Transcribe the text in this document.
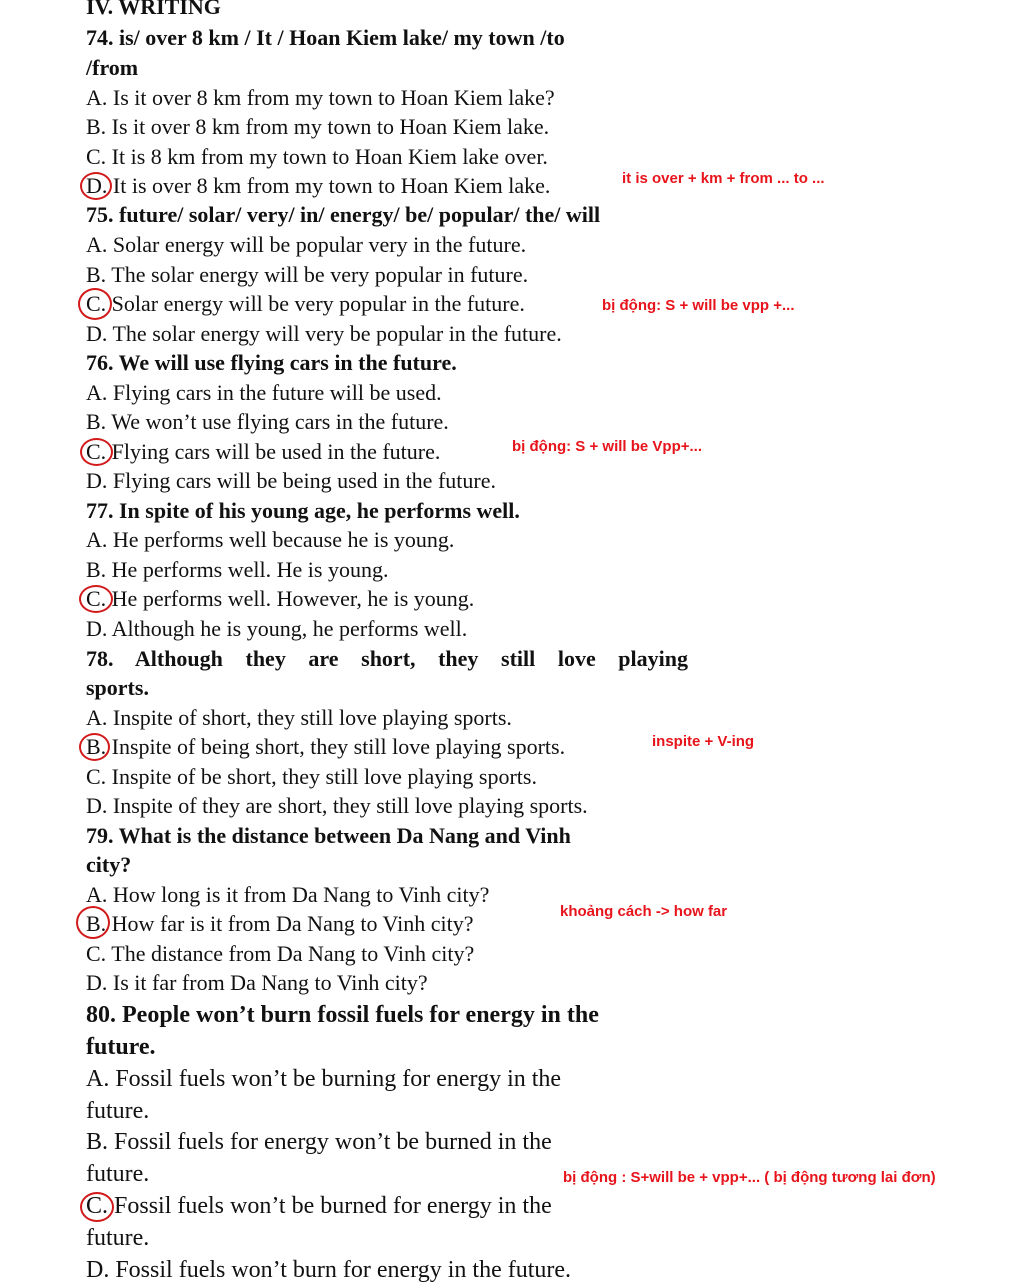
IV. WRITING
74. is/ over 8 km / It / Hoan Kiem lake/ my town /to
/from
A. Is it over 8 km from my town to Hoan Kiem lake?
B. Is it over 8 km from my town to Hoan Kiem lake.
C. It is 8 km from my town to Hoan Kiem lake over.
D. It is over 8 km from my town to Hoan Kiem lake.	it is over + km + from ... to ...
75. future/ solar/ very/ in/ energy/ be/ popular/ the/ will
A. Solar energy will be popular very in the future.
B. The solar energy will be very popular in future.
C. Solar energy will be very popular in the future.
D. The solar energy will very be popular in the future.
bị động: S + will be vpp +...
76. We will use flying cars in the future.
A. Flying cars in the future will be used.
B. We won’t use flying cars in the future.
C. Flying cars will be used in the future.
D. Flying cars will be being used in the future.
bị động: S + will be Vpp+...
77. In spite of his young age, he performs well.
A. He performs well because he is young.
B. He performs well. He is young.
C. He performs well. However, he is young.
D. Although he is young, he performs well.
78. Although they are short, they still love playing
sports.
A. Inspite of short, they still love playing sports.
B. Inspite of being short, they still love playing sports.
C. Inspite of be short, they still love playing sports.
D. Inspite of they are short, they still love playing sports.
inspite + V-ing
79. What is the distance between Da Nang and Vinh
city?
A. How long is it from Da Nang to Vinh city?
B. How far is it from Da Nang to Vinh city?
C. The distance from Da Nang to Vinh city?
D. Is it far from Da Nang to Vinh city?
khoảng cách -> how far
80. People won’t burn fossil fuels for energy in the
future.
A. Fossil fuels won’t be burning for energy in the
future.
B. Fossil fuels for energy won’t be burned in the
future.
C. Fossil fuels won’t be burned for energy in the
future.
D. Fossil fuels won’t burn for energy in the future.
bị động : S+will be + vpp+... ( bị động tương lai đơn)
